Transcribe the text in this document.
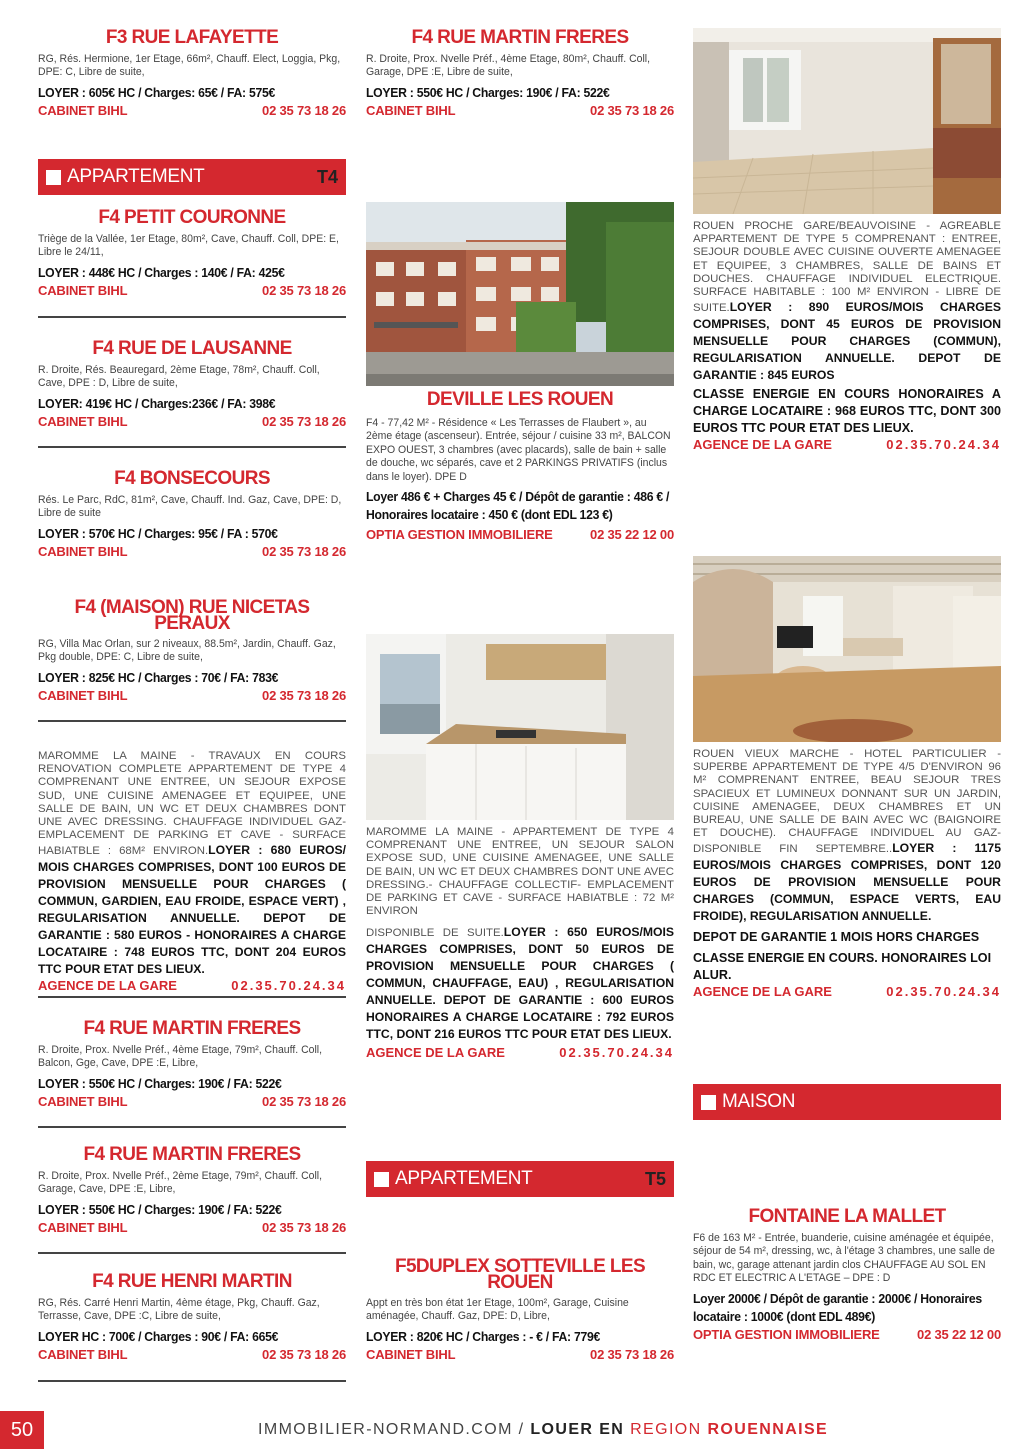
F3 RUE LAFAYETTE

RG, Rés. Hermione, 1er Etage, 66m², Chauff. Elect, Loggia, Pkg, DPE: C, Libre de suite,

LOYER : 605€ HC / Charges: 65€ / FA: 575€

CABINET BIHL	02 35 73 18 26
APPARTEMENT	T4

F4 PETIT COURONNE

Triège de la Vallée, 1er Etage, 80m², Cave, Chauff. Coll, DPE: E, Libre le 24/11,

LOYER : 448€ HC / Charges : 140€ / FA: 425€

CABINET BIHL	02 35 73 18 26

F4 RUE DE LAUSANNE

R. Droite, Rés. Beauregard, 2ème Etage, 78m², Chauff. Coll, Cave, DPE : D, Libre de suite,

LOYER: 419€ HC / Charges:236€ / FA: 398€

CABINET BIHL	02 35 73 18 26

F4 BONSECOURS

Rés. Le Parc, RdC, 81m², Cave, Chauff. Ind. Gaz, Cave, DPE: D, Libre de suite

LOYER : 570€ HC / Charges: 95€ / FA : 570€

CABINET BIHL	02 35 73 18 26

F4 (MAISON) RUE NICETAS PERAUX

RG, Villa Mac Orlan, sur 2 niveaux, 88.5m², Jardin, Chauff. Gaz, Pkg double, DPE: C, Libre de suite,

LOYER : 825€ HC / Charges : 70€ / FA: 783€

CABINET BIHL	02 35 73 18 26
MAROMME LA MAINE - TRAVAUX EN COURS RENOVATION COMPLETE APPARTEMENT DE TYPE 4 COMPRENANT UNE ENTREE, UN SEJOUR EXPOSE SUD, UNE CUISINE AMENAGEE ET EQUIPEE, UNE SALLE DE BAIN, UN WC ET DEUX CHAMBRES DONT UNE AVEC DRESSING. CHAUFFAGE INDIVIDUEL GAZ- EMPLACEMENT DE PARKING ET CAVE - SURFACE HABIATBLE : 68M² ENVIRON.LOYER : 680 EUROS/ MOIS CHARGES COMPRISES, DONT 100 EUROS DE PROVISION MENSUELLE POUR CHARGES ( COMMUN, GARDIEN, EAU FROIDE, ESPACE VERT) , REGULARISATION ANNUELLE. DEPOT DE GARANTIE : 580 EUROS - HONORAIRES A CHARGE LOCATAIRE : 748 EUROS TTC, DONT 204 EUROS TTC POUR ETAT DES LIEUX.
AGENCE DE LA GARE	02.35.70.24.34

F4 RUE MARTIN FRERES

R. Droite, Prox. Nvelle Préf., 4ème Etage, 79m², Chauff. Coll, Balcon, Gge, Cave, DPE :E, Libre,

LOYER : 550€ HC / Charges: 190€ / FA: 522€

CABINET BIHL	02 35 73 18 26

F4 RUE MARTIN FRERES

R. Droite, Prox. Nvelle Préf., 2ème Etage, 79m², Chauff. Coll, Garage, Cave, DPE :E, Libre,

LOYER : 550€ HC / Charges: 190€ / FA: 522€

CABINET BIHL	02 35 73 18 26

F4 RUE HENRI MARTIN

RG, Rés. Carré Henri Martin, 4ème étage, Pkg, Chauff. Gaz, Terrasse, Cave, DPE :C, Libre de suite,

LOYER HC : 700€ / Charges : 90€ / FA: 665€

CABINET BIHL	02 35 73 18 26

F4 RUE MARTIN FRERES

R. Droite, Prox. Nvelle Préf., 4ème Etage, 80m², Chauff. Coll, Garage, DPE :E, Libre de suite,

LOYER : 550€ HC / Charges: 190€ / FA: 522€

CABINET BIHL	02 35 73 18 26

DEVILLE LES ROUEN

F4 - 77,42 M² - Résidence « Les Terrasses de Flaubert », au 2ème étage (ascenseur). Entrée, séjour / cuisine 33 m², BALCON EXPO OUEST, 3 chambres (avec placards), salle de bain + salle de douche, wc séparés, cave et 2 PARKINGS PRIVATIFS (inclus dans le loyer). DPE D

Loyer 486 € + Charges 45 € / Dépôt de garantie : 486 € / Honoraires locataire : 450 € (dont EDL 123 €)

OPTIA GESTION IMMOBILIERE	02 35 22 12 00
MAROMME LA MAINE - APPARTEMENT DE TYPE 4 COMPRENANT UNE ENTREE, UN SEJOUR SALON EXPOSE SUD, UNE CUISINE AMENAGEE, UNE SALLE DE BAIN, UN WC ET DEUX CHAMBRES DONT UNE AVEC DRESSING.- CHAUFFAGE COLLECTIF- EMPLACEMENT DE PARKING ET CAVE - SURFACE HABIATBLE : 72 M² ENVIRON
DISPONIBLE DE SUITE.LOYER : 650 EUROS/MOIS CHARGES COMPRISES, DONT 50 EUROS DE PROVISION MENSUELLE POUR CHARGES ( COMMUN, CHAUFFAGE, EAU) , REGULARISATION ANNUELLE. DEPOT DE GARANTIE : 600 EUROS HONORAIRES A CHARGE LOCATAIRE : 792 EUROS TTC, DONT 216 EUROS TTC POUR ETAT DES LIEUX.
AGENCE DE LA GARE	02.35.70.24.34
APPARTEMENT	T5

F5DUPLEX SOTTEVILLE LES ROUEN

Appt en très bon état 1er Etage, 100m², Garage, Cuisine aménagée, Chauff. Gaz, DPE: D, Libre,

LOYER : 820€ HC / Charges : - € / FA: 779€

CABINET BIHL	02 35 73 18 26
ROUEN PROCHE GARE/BEAUVOISINE - AGREABLE APPARTEMENT DE TYPE 5 COMPRENANT : ENTREE, SEJOUR DOUBLE AVEC CUISINE OUVERTE AMENAGEE ET EQUIPEE, 3 CHAMBRES, SALLE DE BAINS ET DOUCHES. CHAUFFAGE INDIVIDUEL ELECTRIQUE. SURFACE HABITABLE : 100 M² ENVIRON - LIBRE DE SUITE.LOYER : 890 EUROS/MOIS CHARGES COMPRISES, DONT 45 EUROS DE PROVISION MENSUELLE POUR CHARGES (COMMUN), REGULARISATION ANNUELLE. DEPOT DE GARANTIE : 845 EUROS
CLASSE ENERGIE EN COURS HONORAIRES A CHARGE LOCATAIRE : 968 EUROS TTC, DONT 300 EUROS TTC POUR ETAT DES LIEUX.
AGENCE DE LA GARE	02.35.70.24.34
ROUEN VIEUX MARCHE - HOTEL PARTICULIER - SUPERBE APPARTEMENT DE TYPE 4/5 D'ENVIRON 96 M² COMPRENANT ENTREE, BEAU SEJOUR TRES SPACIEUX ET LUMINEUX DONNANT SUR UN JARDIN, CUISINE AMENAGEE, DEUX CHAMBRES ET UN BUREAU, UNE SALLE DE BAIN AVEC WC (BAIGNOIRE ET DOUCHE). CHAUFFAGE INDIVIDUEL AU GAZ- DISPONIBLE FIN SEPTEMBRE..LOYER : 1175 EUROS/MOIS CHARGES COMPRISES, DONT 120 EUROS DE PROVISION MENSUELLE POUR CHARGES (COMMUN, ESPACE VERTS, EAU FROIDE), REGULARISATION ANNUELLE.
DEPOT DE GARANTIE 1 MOIS HORS CHARGES
CLASSE ENERGIE EN COURS. HONORAIRES LOI ALUR.
AGENCE DE LA GARE	02.35.70.24.34
MAISON

FONTAINE LA MALLET

F6 de 163 M² - Entrée, buanderie, cuisine aménagée et équipée, séjour de 54 m², dressing, wc, à l'étage 3 chambres, une salle de bain, wc, garage attenant jardin clos CHAUFFAGE AU SOL EN RDC ET ELECTRIC A L'ETAGE – DPE : D

Loyer 2000€ / Dépôt de garantie : 2000€ / Honoraires locataire : 1000€ (dont EDL 489€)

OPTIA GESTION IMMOBILIERE	02 35 22 12 00
50	IMMOBILIER-NORMAND.COM / LOUER EN REGION ROUENNAISE
